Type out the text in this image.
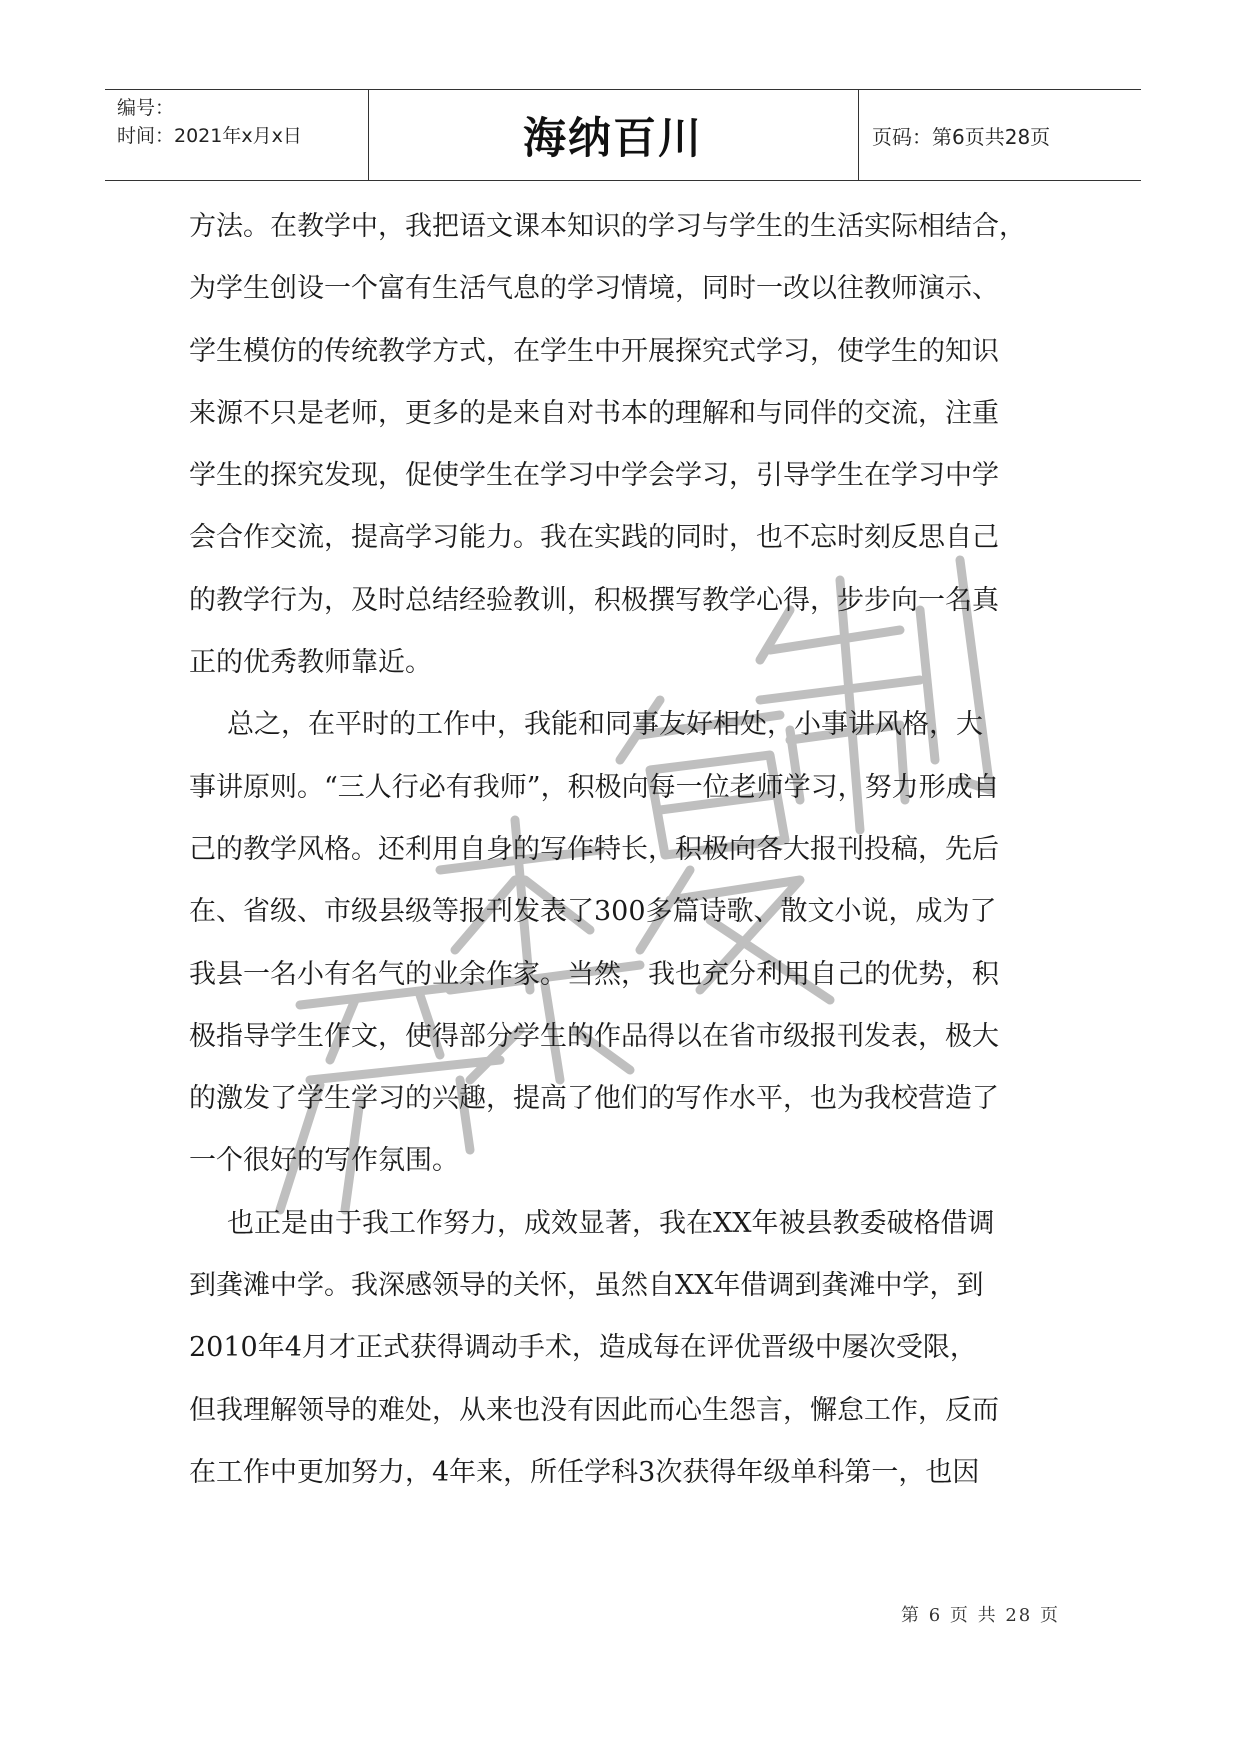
编号：
时间：2021年x月x日	海纳百川	页码：第6页共28页
方法。在教学中，我把语文课本知识的学习与学生的生活实际相结合，
为学生创设一个富有生活气息的学习情境，同时一改以往教师演示、
学生模仿的传统教学方式，在学生中开展探究式学习，使学生的知识
来源不只是老师，更多的是来自对书本的理解和与同伴的交流，注重
学生的探究发现，促使学生在学习中学会学习，引导学生在学习中学
会合作交流，提高学习能力。我在实践的同时，也不忘时刻反思自己
的教学行为，及时总结经验教训，积极撰写教学心得，步步向一名真
正的优秀教师靠近。
总之，在平时的工作中，我能和同事友好相处，小事讲风格，大
事讲原则。“三人行必有我师”，积极向每一位老师学习，努力形成自
己的教学风格。还利用自身的写作特长，积极向各大报刊投稿，先后
在、省级、市级县级等报刊发表了300多篇诗歌、散文小说，成为了
我县一名小有名气的业余作家。当然，我也充分利用自己的优势，积
极指导学生作文，使得部分学生的作品得以在省市级报刊发表，极大
的激发了学生学习的兴趣，提高了他们的写作水平，也为我校营造了
一个很好的写作氛围。
也正是由于我工作努力，成效显著，我在XX年被县教委破格借调
到龚滩中学。我深感领导的关怀，虽然自XX年借调到龚滩中学，到
2010年4月才正式获得调动手术，造成每在评优晋级中屡次受限，
但我理解领导的难处，从来也没有因此而心生怨言，懈怠工作，反而
在工作中更加努力，4年来，所任学科3次获得年级单科第一，也因
第 6 页 共 28 页
